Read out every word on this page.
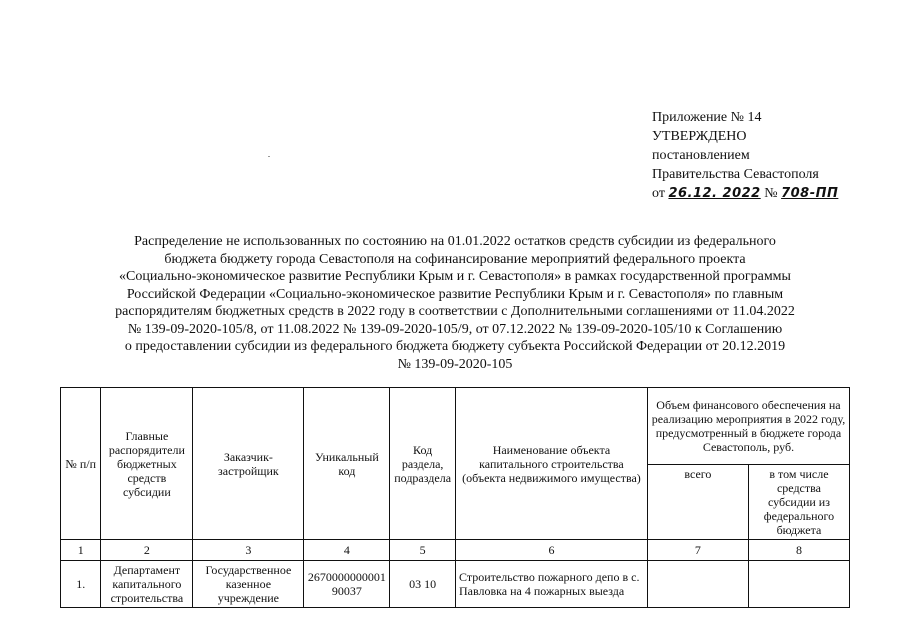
Приложение № 14
УТВЕРЖДЕНО
постановлением
Правительства Севастополя
от 26.12. 2022 № 708-ПП
Распределение не использованных по состоянию на 01.01.2022 остатков средств субсидии из федерального
бюджета бюджету города Севастополя на софинансирование мероприятий федерального проекта
«Социально-экономическое развитие Республики Крым и г. Севастополя» в рамках государственной программы
Российской Федерации «Социально-экономическое развитие Республики Крым и г. Севастополя» по главным
распорядителям бюджетных средств в 2022 году в соответствии с Дополнительными соглашениями от 11.04.2022
№ 139-09-2020-105/8, от 11.08.2022 № 139-09-2020-105/9, от 07.12.2022 № 139-09-2020-105/10 к Соглашению
о предоставлении субсидии из федерального бюджета бюджету субъекта Российской Федерации от 20.12.2019
№ 139-09-2020-105
№ п/п	Главные распорядители бюджетных средств субсидии	Заказчик-застройщик	Уникальный код	Код раздела, подраздела	Наименование объекта капитального строительства (объекта недвижимого имущества)	Объем финансового обеспечения на реализацию мероприятия в 2022 году, предусмотренный в бюджете города Севастополь, руб.	
						всего	в том числе средства субсидии из федерального бюджета
1	2	3	4	5	6	7	8
1.	Департамент капитального строительства	Государственное казенное учреждение	267000000000190037	03 10	Строительство пожарного депо в с. Павловка на 4 пожарных выезда		
